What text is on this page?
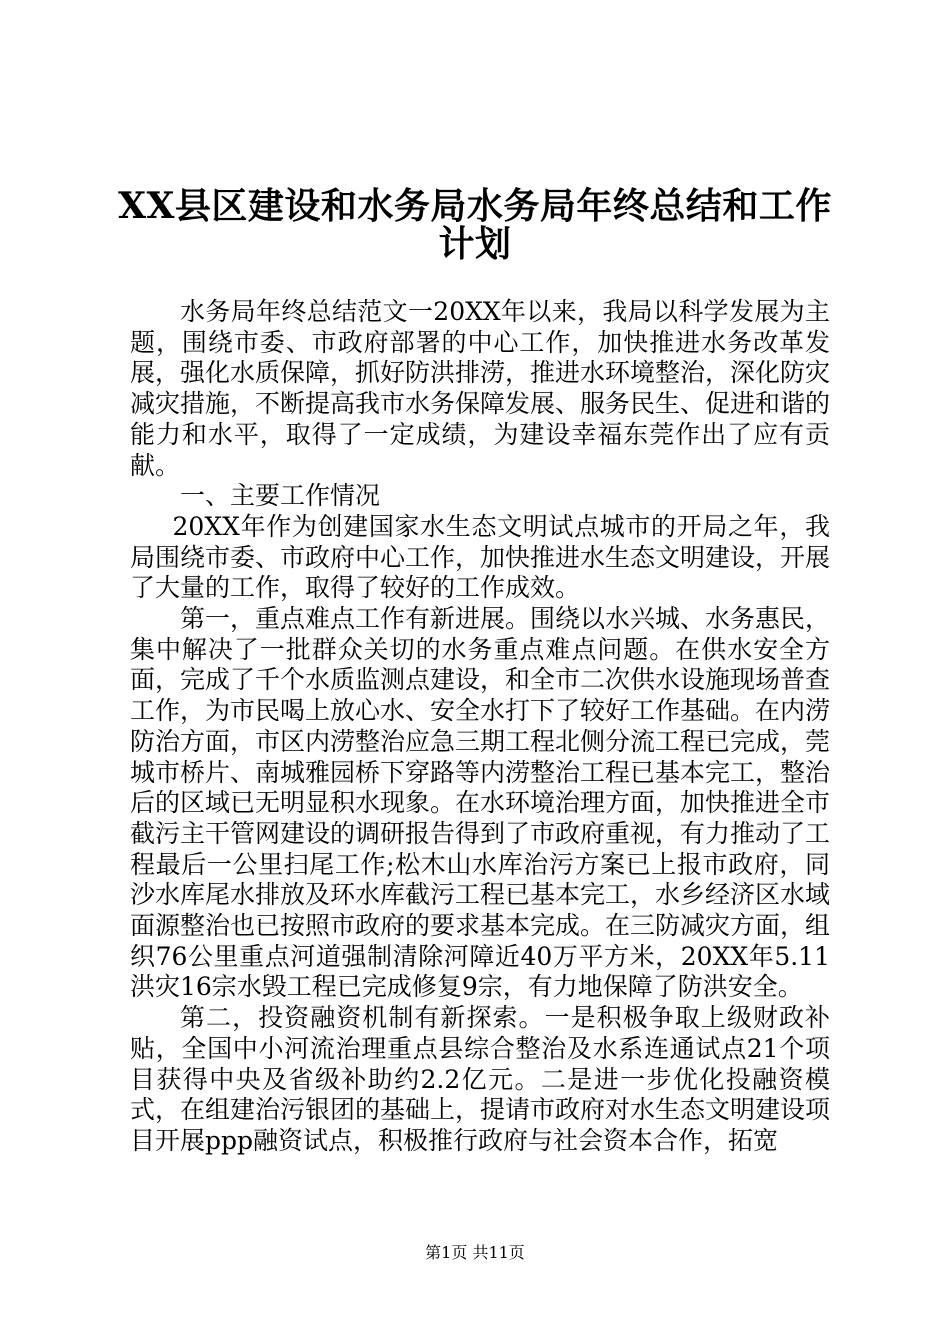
XX县区建设和水务局水务局年终总结和工作
计划

水务局年终总结范文一20XX年以来，我局以科学发展为主题，围绕市委、市政府部署的中心工作，加快推进水务改革发展，强化水质保障，抓好防洪排涝，推进水环境整治，深化防灾减灾措施，不断提高我市水务保障发展、服务民生、促进和谐的能力和水平，取得了一定成绩，为建设幸福东莞作出了应有贡献。

一、主要工作情况

20XX年作为创建国家水生态文明试点城市的开局之年，我局围绕市委、市政府中心工作，加快推进水生态文明建设，开展了大量的工作，取得了较好的工作成效。

第一，重点难点工作有新进展。围绕以水兴城、水务惠民，集中解决了一批群众关切的水务重点难点问题。在供水安全方面，完成了千个水质监测点建设，和全市二次供水设施现场普查工作，为市民喝上放心水、安全水打下了较好工作基础。在内涝防治方面，市区内涝整治应急三期工程北侧分流工程已完成，莞城市桥片、南城雅园桥下穿路等内涝整治工程已基本完工，整治后的区域已无明显积水现象。在水环境治理方面，加快推进全市截污主干管网建设的调研报告得到了市政府重视，有力推动了工程最后一公里扫尾工作;松木山水库治污方案已上报市政府，同沙水库尾水排放及环水库截污工程已基本完工，水乡经济区水域面源整治也已按照市政府的要求基本完成。在三防减灾方面，组织76公里重点河道强制清除河障近40万平方米，20XX年5.11洪灾16宗水毁工程已完成修复9宗，有力地保障了防洪安全。

第二，投资融资机制有新探索。一是积极争取上级财政补贴，全国中小河流治理重点县综合整治及水系连通试点21个项目获得中央及省级补助约2.2亿元。二是进一步优化投融资模式，在组建治污银团的基础上，提请市政府对水生态文明建设项目开展ppp融资试点，积极推行政府与社会资本合作，拓宽

第1页 共11页
